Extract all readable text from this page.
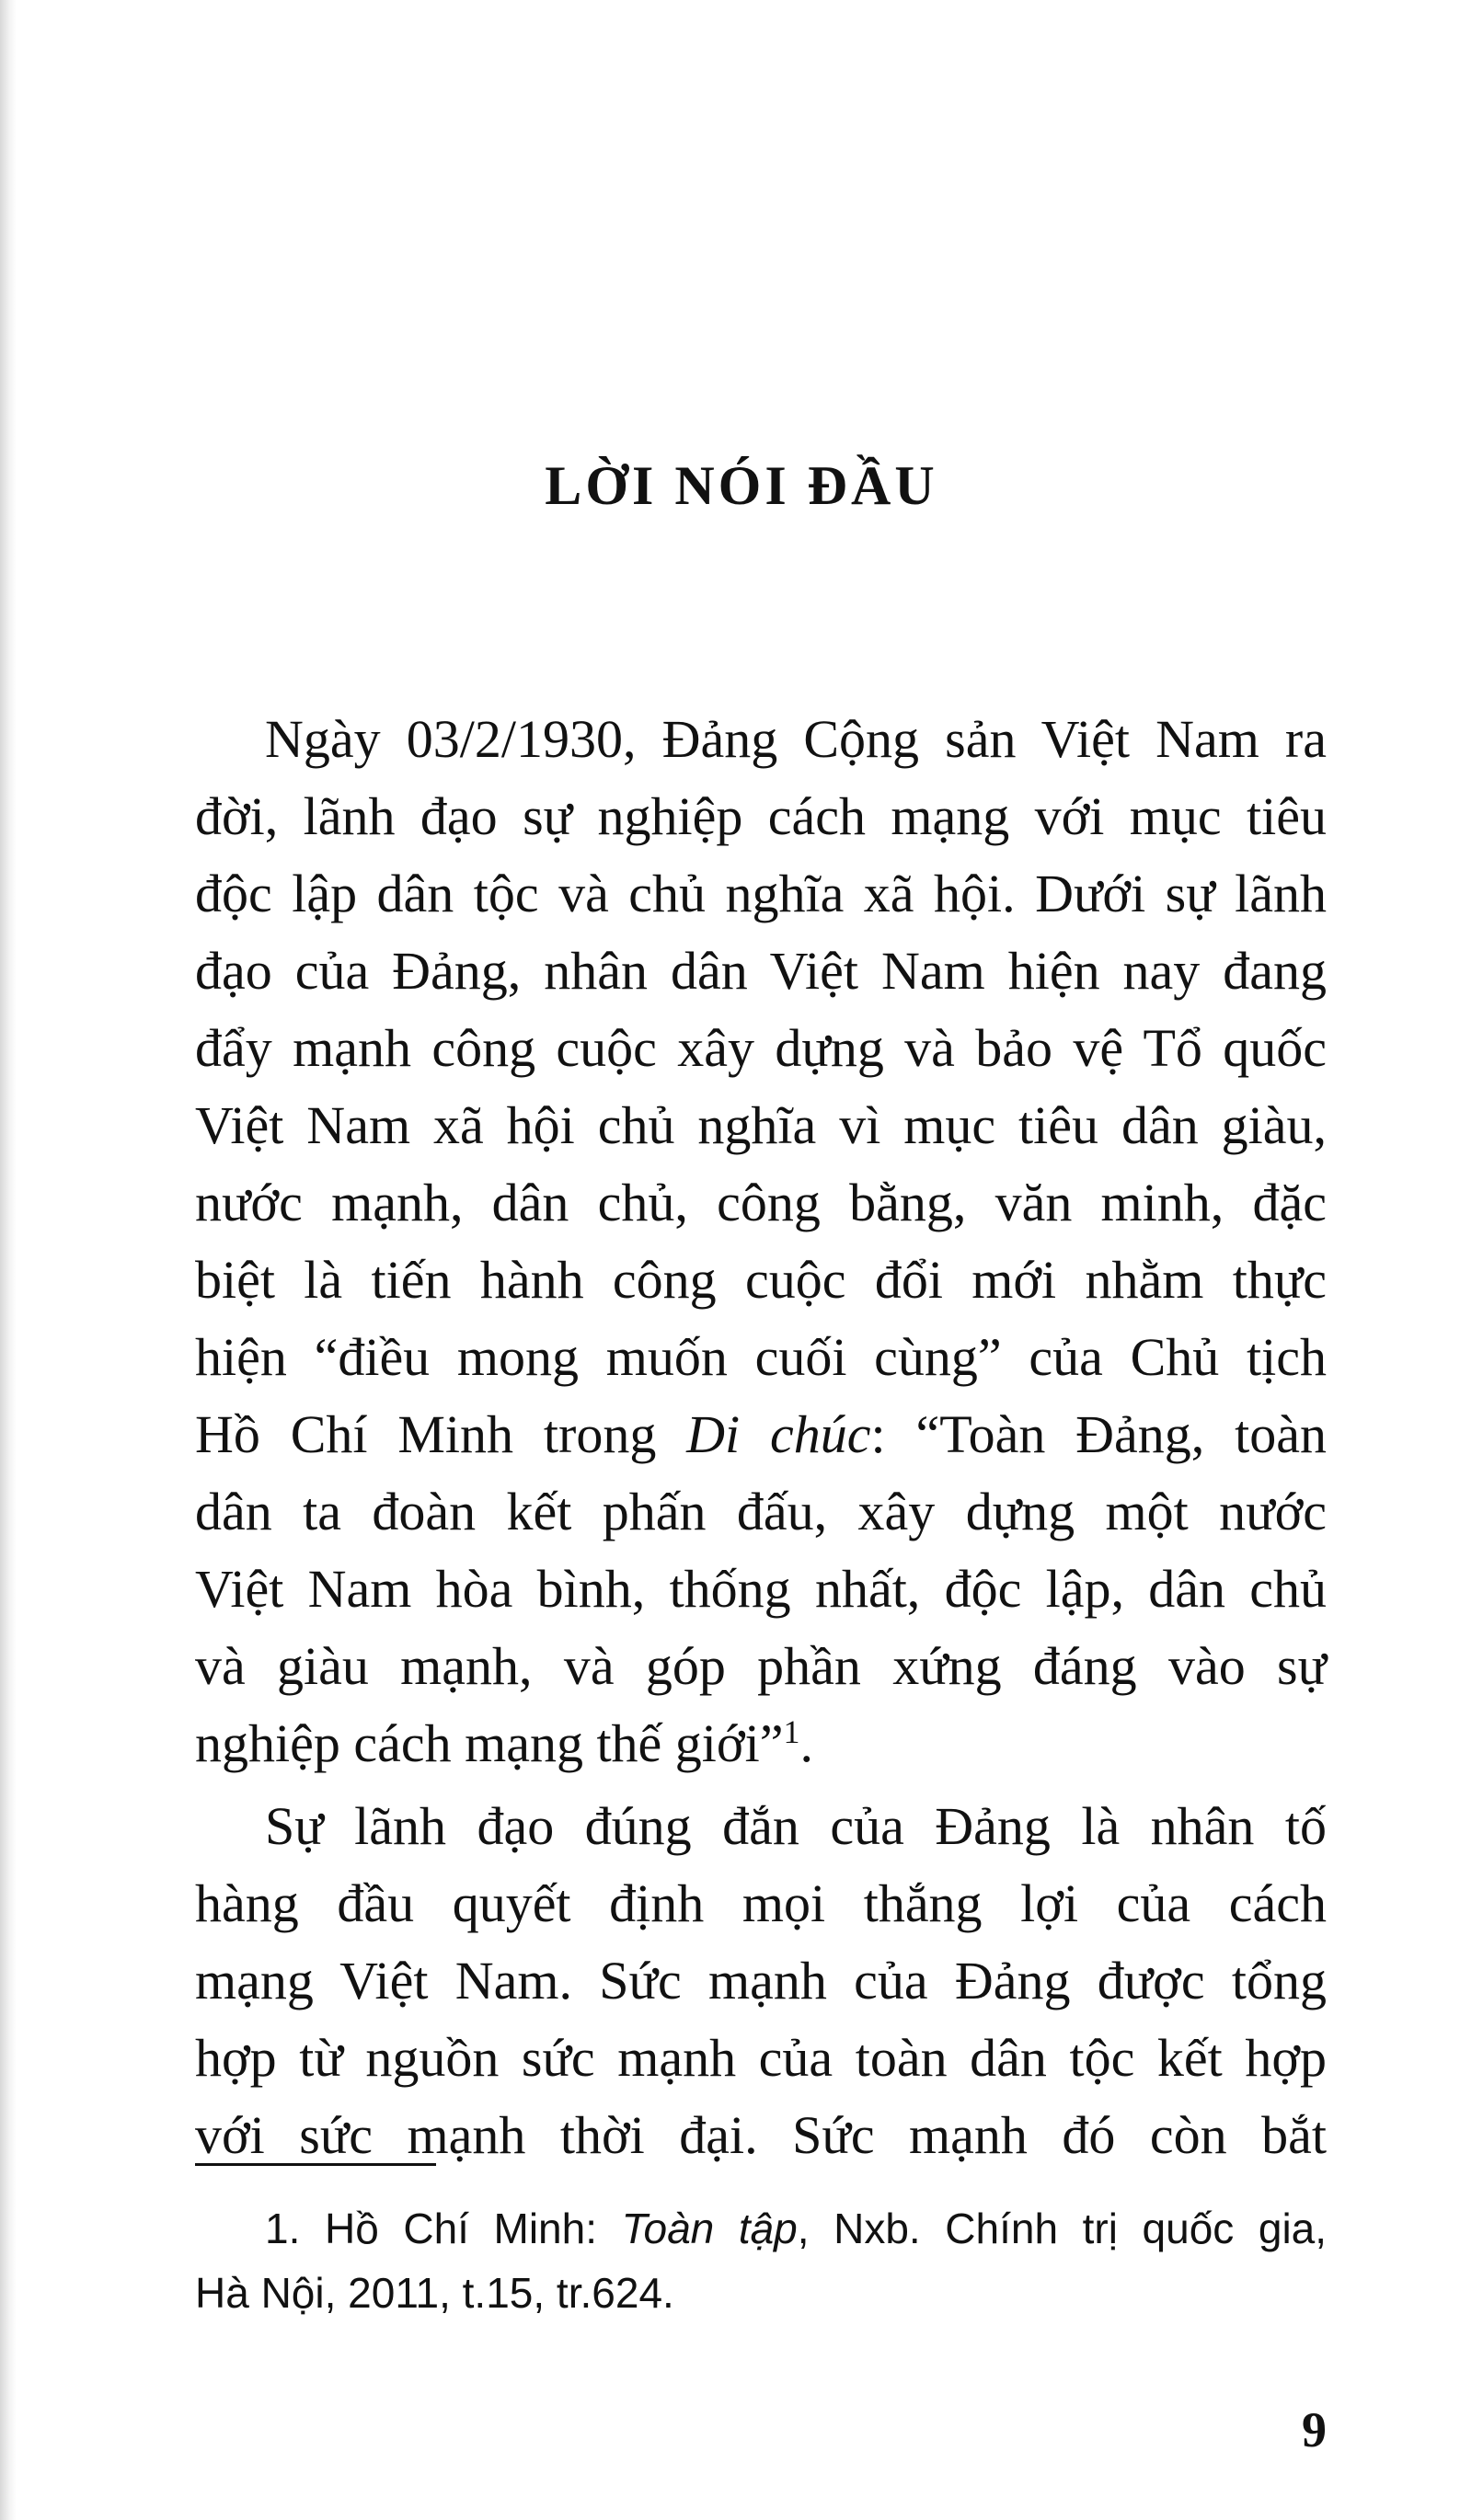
LỜI NÓI ĐẦU
Ngày 03/2/1930, Đảng Cộng sản Việt Nam ra
đời, lãnh đạo sự nghiệp cách mạng với mục tiêu
độc lập dân tộc và chủ nghĩa xã hội. Dưới sự lãnh
đạo của Đảng, nhân dân Việt Nam hiện nay đang
đẩy mạnh công cuộc xây dựng và bảo vệ Tổ quốc
Việt Nam xã hội chủ nghĩa vì mục tiêu dân giàu,
nước mạnh, dân chủ, công bằng, văn minh, đặc
biệt là tiến hành công cuộc đổi mới nhằm thực
hiện “điều mong muốn cuối cùng” của Chủ tịch
Hồ Chí Minh trong Di chúc: “Toàn Đảng, toàn
dân ta đoàn kết phấn đấu, xây dựng một nước
Việt Nam hòa bình, thống nhất, độc lập, dân chủ
và giàu mạnh, và góp phần xứng đáng vào sự
nghiệp cách mạng thế giới”$^1$.
Sự lãnh đạo đúng đắn của Đảng là nhân tố
hàng đầu quyết định mọi thắng lợi của cách
mạng Việt Nam. Sức mạnh của Đảng được tổng
hợp từ nguồn sức mạnh của toàn dân tộc kết hợp
với sức mạnh thời đại. Sức mạnh đó còn bắt
1. Hồ Chí Minh: Toàn tập, Nxb. Chính trị quốc gia,
Hà Nội, 2011, t.15, tr.624.
9
